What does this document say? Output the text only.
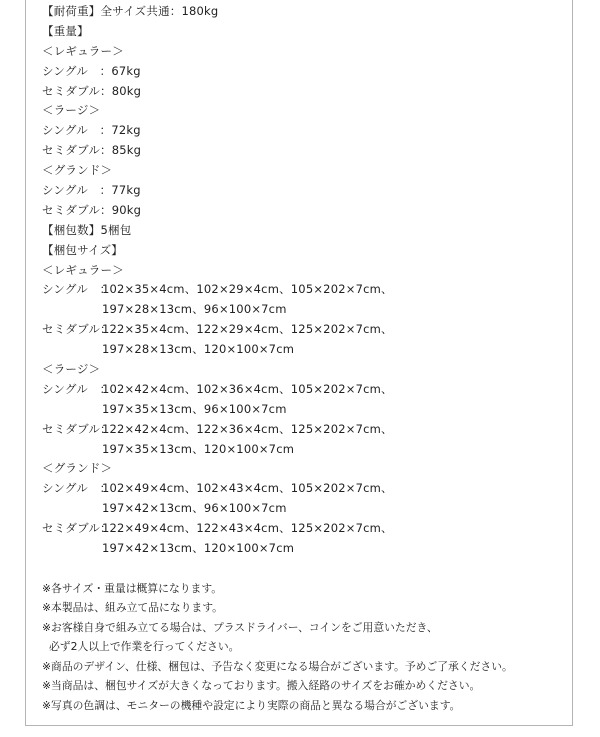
【耐荷重】全サイズ共通：180kg
【重量】
＜レギュラー＞
シングル　：67kg
セミダブル：80kg
＜ラージ＞
シングル　：72kg
セミダブル：85kg
＜グランド＞
シングル　：77kg
セミダブル：90kg
【梱包数】5梱包
【梱包サイズ】
＜レギュラー＞
シングル　：
102×35×4cm、102×29×4cm、105×202×7cm、
197×28×13cm、96×100×7cm
セミダブル：
122×35×4cm、122×29×4cm、125×202×7cm、
197×28×13cm、120×100×7cm
＜ラージ＞
シングル　：
102×42×4cm、102×36×4cm、105×202×7cm、
197×35×13cm、96×100×7cm
セミダブル：
122×42×4cm、122×36×4cm、125×202×7cm、
197×35×13cm、120×100×7cm
＜グランド＞
シングル　：
102×49×4cm、102×43×4cm、105×202×7cm、
197×42×13cm、96×100×7cm
セミダブル：
122×49×4cm、122×43×4cm、125×202×7cm、
197×42×13cm、120×100×7cm
※各サイズ・重量は概算になります。
※本製品は、組み立て品になります。
※お客様自身で組み立てる場合は、プラスドライバー、コインをご用意いただき、
必ず2人以上で作業を行ってください。
※商品のデザイン、仕様、梱包は、予告なく変更になる場合がございます。予めご了承ください。
※当商品は、梱包サイズが大きくなっております。搬入経路のサイズをお確かめください。
※写真の色調は、モニターの機種や設定により実際の商品と異なる場合がございます。
